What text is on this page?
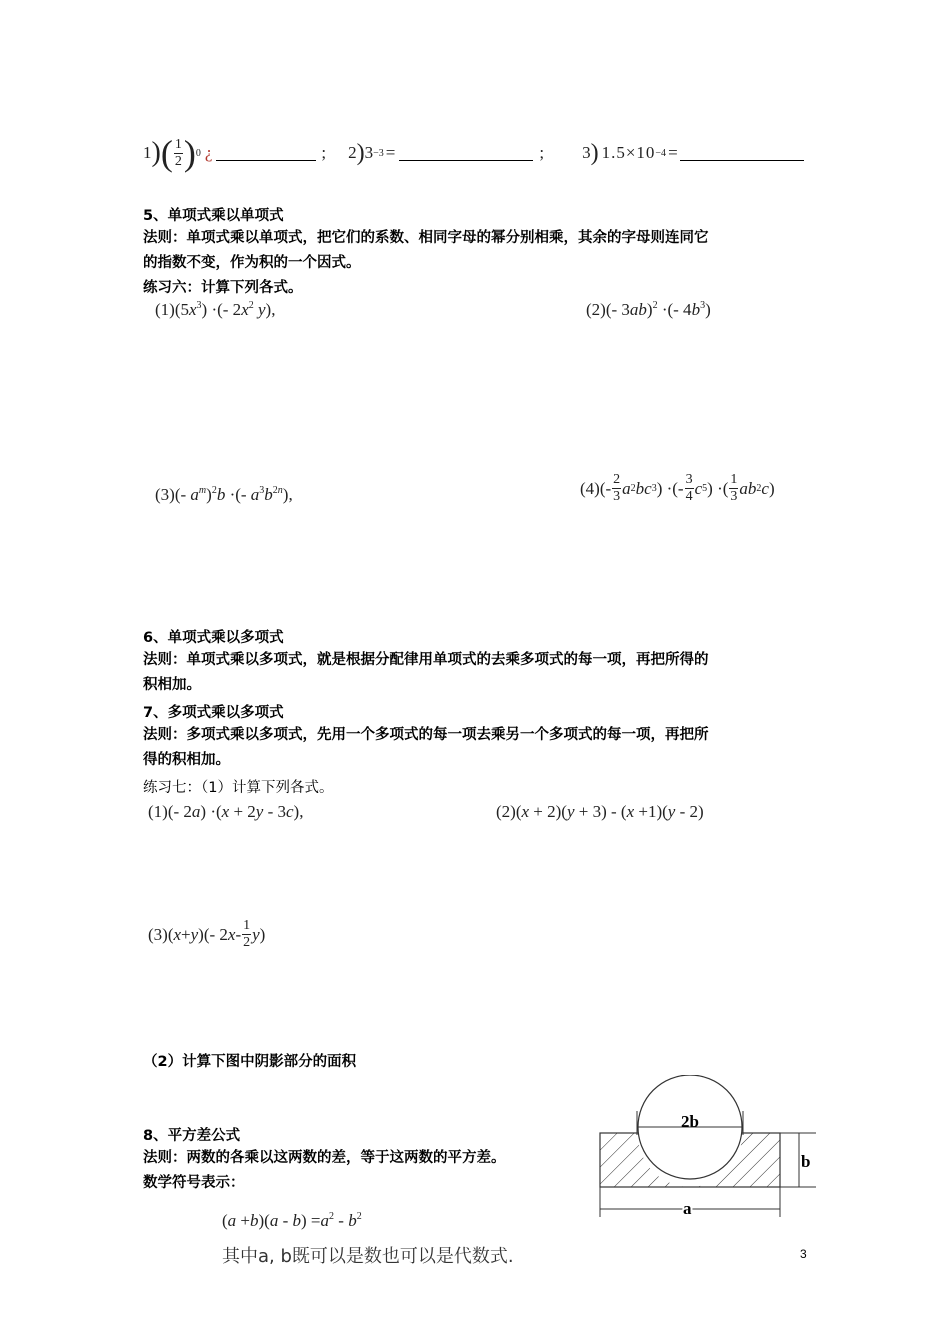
1 ) ( $\frac{1}{2}$ ) 0 ¿	; 2 ) 3 −3 =	; 3 ) 1.5×10 −4 =
5、单项式乘以单项式
法则：单项式乘以单项式，把它们的系数、相同字母的幂分别相乘，其余的字母则连同它
的指数不变，作为积的一个因式。
练习六：计算下列各式。
$(1)(5x^3)$ ·(- $2x^2$ y),	(2)(- 3ab)$^2$ ·(- $4b^3$)
(3)(- $a^m)^2b$ ·(- $a^3b^{2n}$),	$(4)(- \frac{2}{3}$ a 2 bc 3 ) ·(- $\frac{3}{4}$ c 5 ) ·( $\frac{1}{3}$ ab 2 c )
6、单项式乘以多项式
法则：单项式乘以多项式，就是根据分配律用单项式的去乘多项式的每一项，再把所得的
积相加。
7、多项式乘以多项式
法则：多项式乘以多项式，先用一个多项式的每一项去乘另一个多项式的每一项，再把所
得的积相加。
练习七：（1）计算下列各式。
(1)(- 2a) ·(x + 2y - 3c),	(2)(x + 2)(y + 3) - (x +1)(y - 2)
(3)( x + y )(- 2 x - $\frac{1}{2}$ y )
（2）计算下图中阴影部分的面积
8、平方差公式
法则：两数的各乘以这两数的差，等于这两数的平方差。
数学符号表示：
$(a +b)(a - b) =a^2 - b^2$
其中a, b既可以是数也可以是代数式.
2b
b
a
3
